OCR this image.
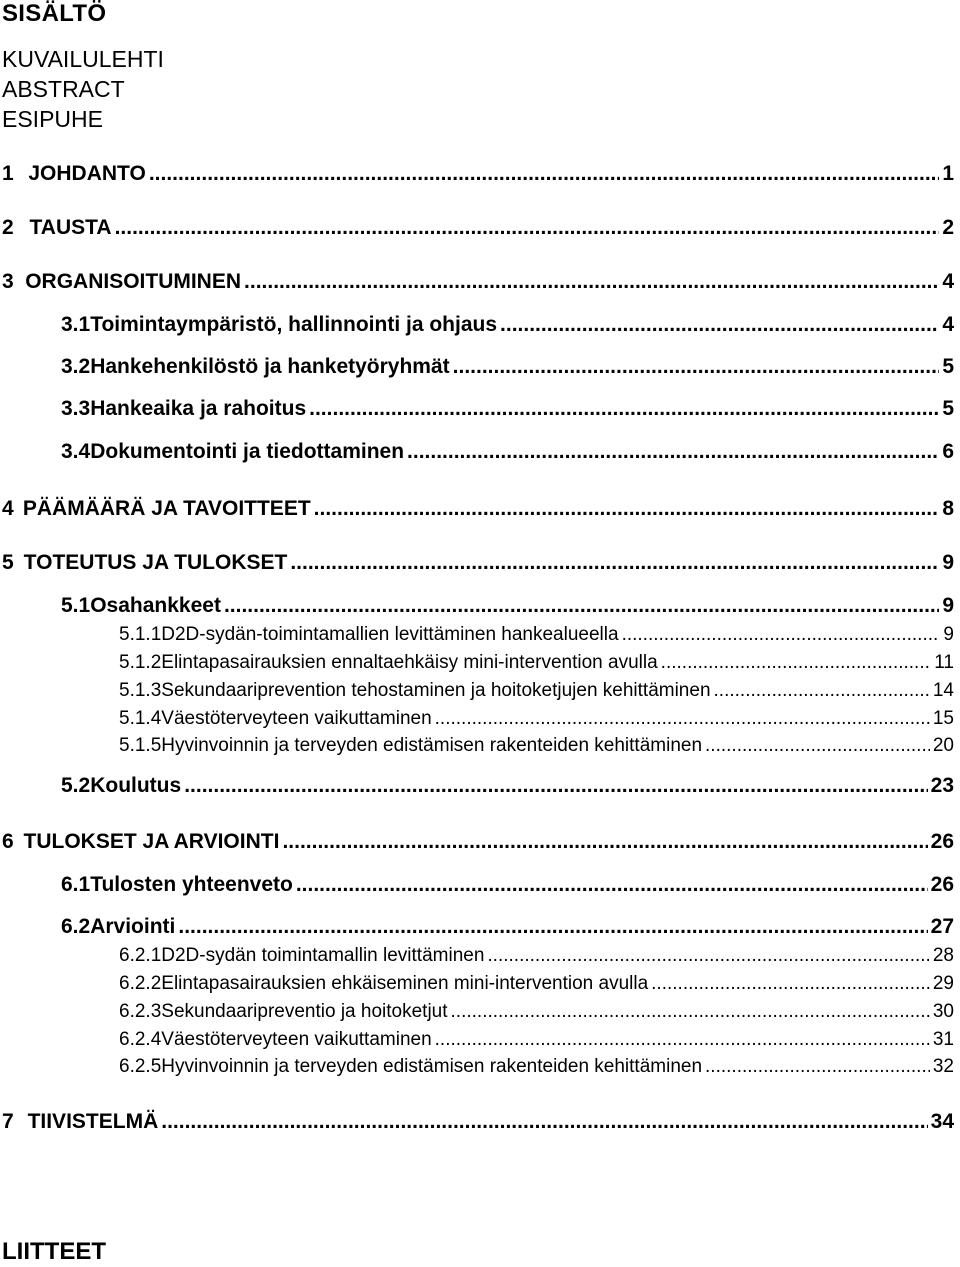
SISÄLTÖ
KUVAILULEHTI
ABSTRACT
ESIPUHE
1 JOHDANTO .....	1
2 TAUSTA .....	2
3 ORGANISOITUMINEN .....	4
3.1 Toimintaympäristö, hallinnointi ja ohjaus .....	4
3.2 Hankehenkilöstö ja hanketyöryhmät .....	5
3.3 Hankeaika ja rahoitus .....	5
3.4 Dokumentointi ja tiedottaminen .....	6
4 PÄÄMÄÄRÄ JA TAVOITTEET .....	8
5 TOTEUTUS JA TULOKSET .....	9
5.1 Osahankkeet .....	9
5.1.1 D2D-sydän-toimintamallien levittäminen hankealueella .....	9
5.1.2 Elintapasairauksien ennaltaehkäisy mini-intervention avulla .....	11
5.1.3 Sekundaariprevention tehostaminen ja hoitoketjujen kehittäminen .....	14
5.1.4 Väestöterveyteen vaikuttaminen .....	15
5.1.5 Hyvinvoinnin ja terveyden edistämisen rakenteiden kehittäminen .....	20
5.2 Koulutus .....	23
6 TULOKSET JA ARVIOINTI .....	26
6.1 Tulosten yhteenveto .....	26
6.2 Arviointi .....	27
6.2.1 D2D-sydän toimintamallin levittäminen .....	28
6.2.2 Elintapasairauksien ehkäiseminen mini-intervention avulla .....	29
6.2.3 Sekundaaripreventio ja hoitoketjut .....	30
6.2.4 Väestöterveyteen vaikuttaminen .....	31
6.2.5 Hyvinvoinnin ja terveyden edistämisen rakenteiden kehittäminen .....	32
7 TIIVISTELMÄ .....	34
LIITTEET
